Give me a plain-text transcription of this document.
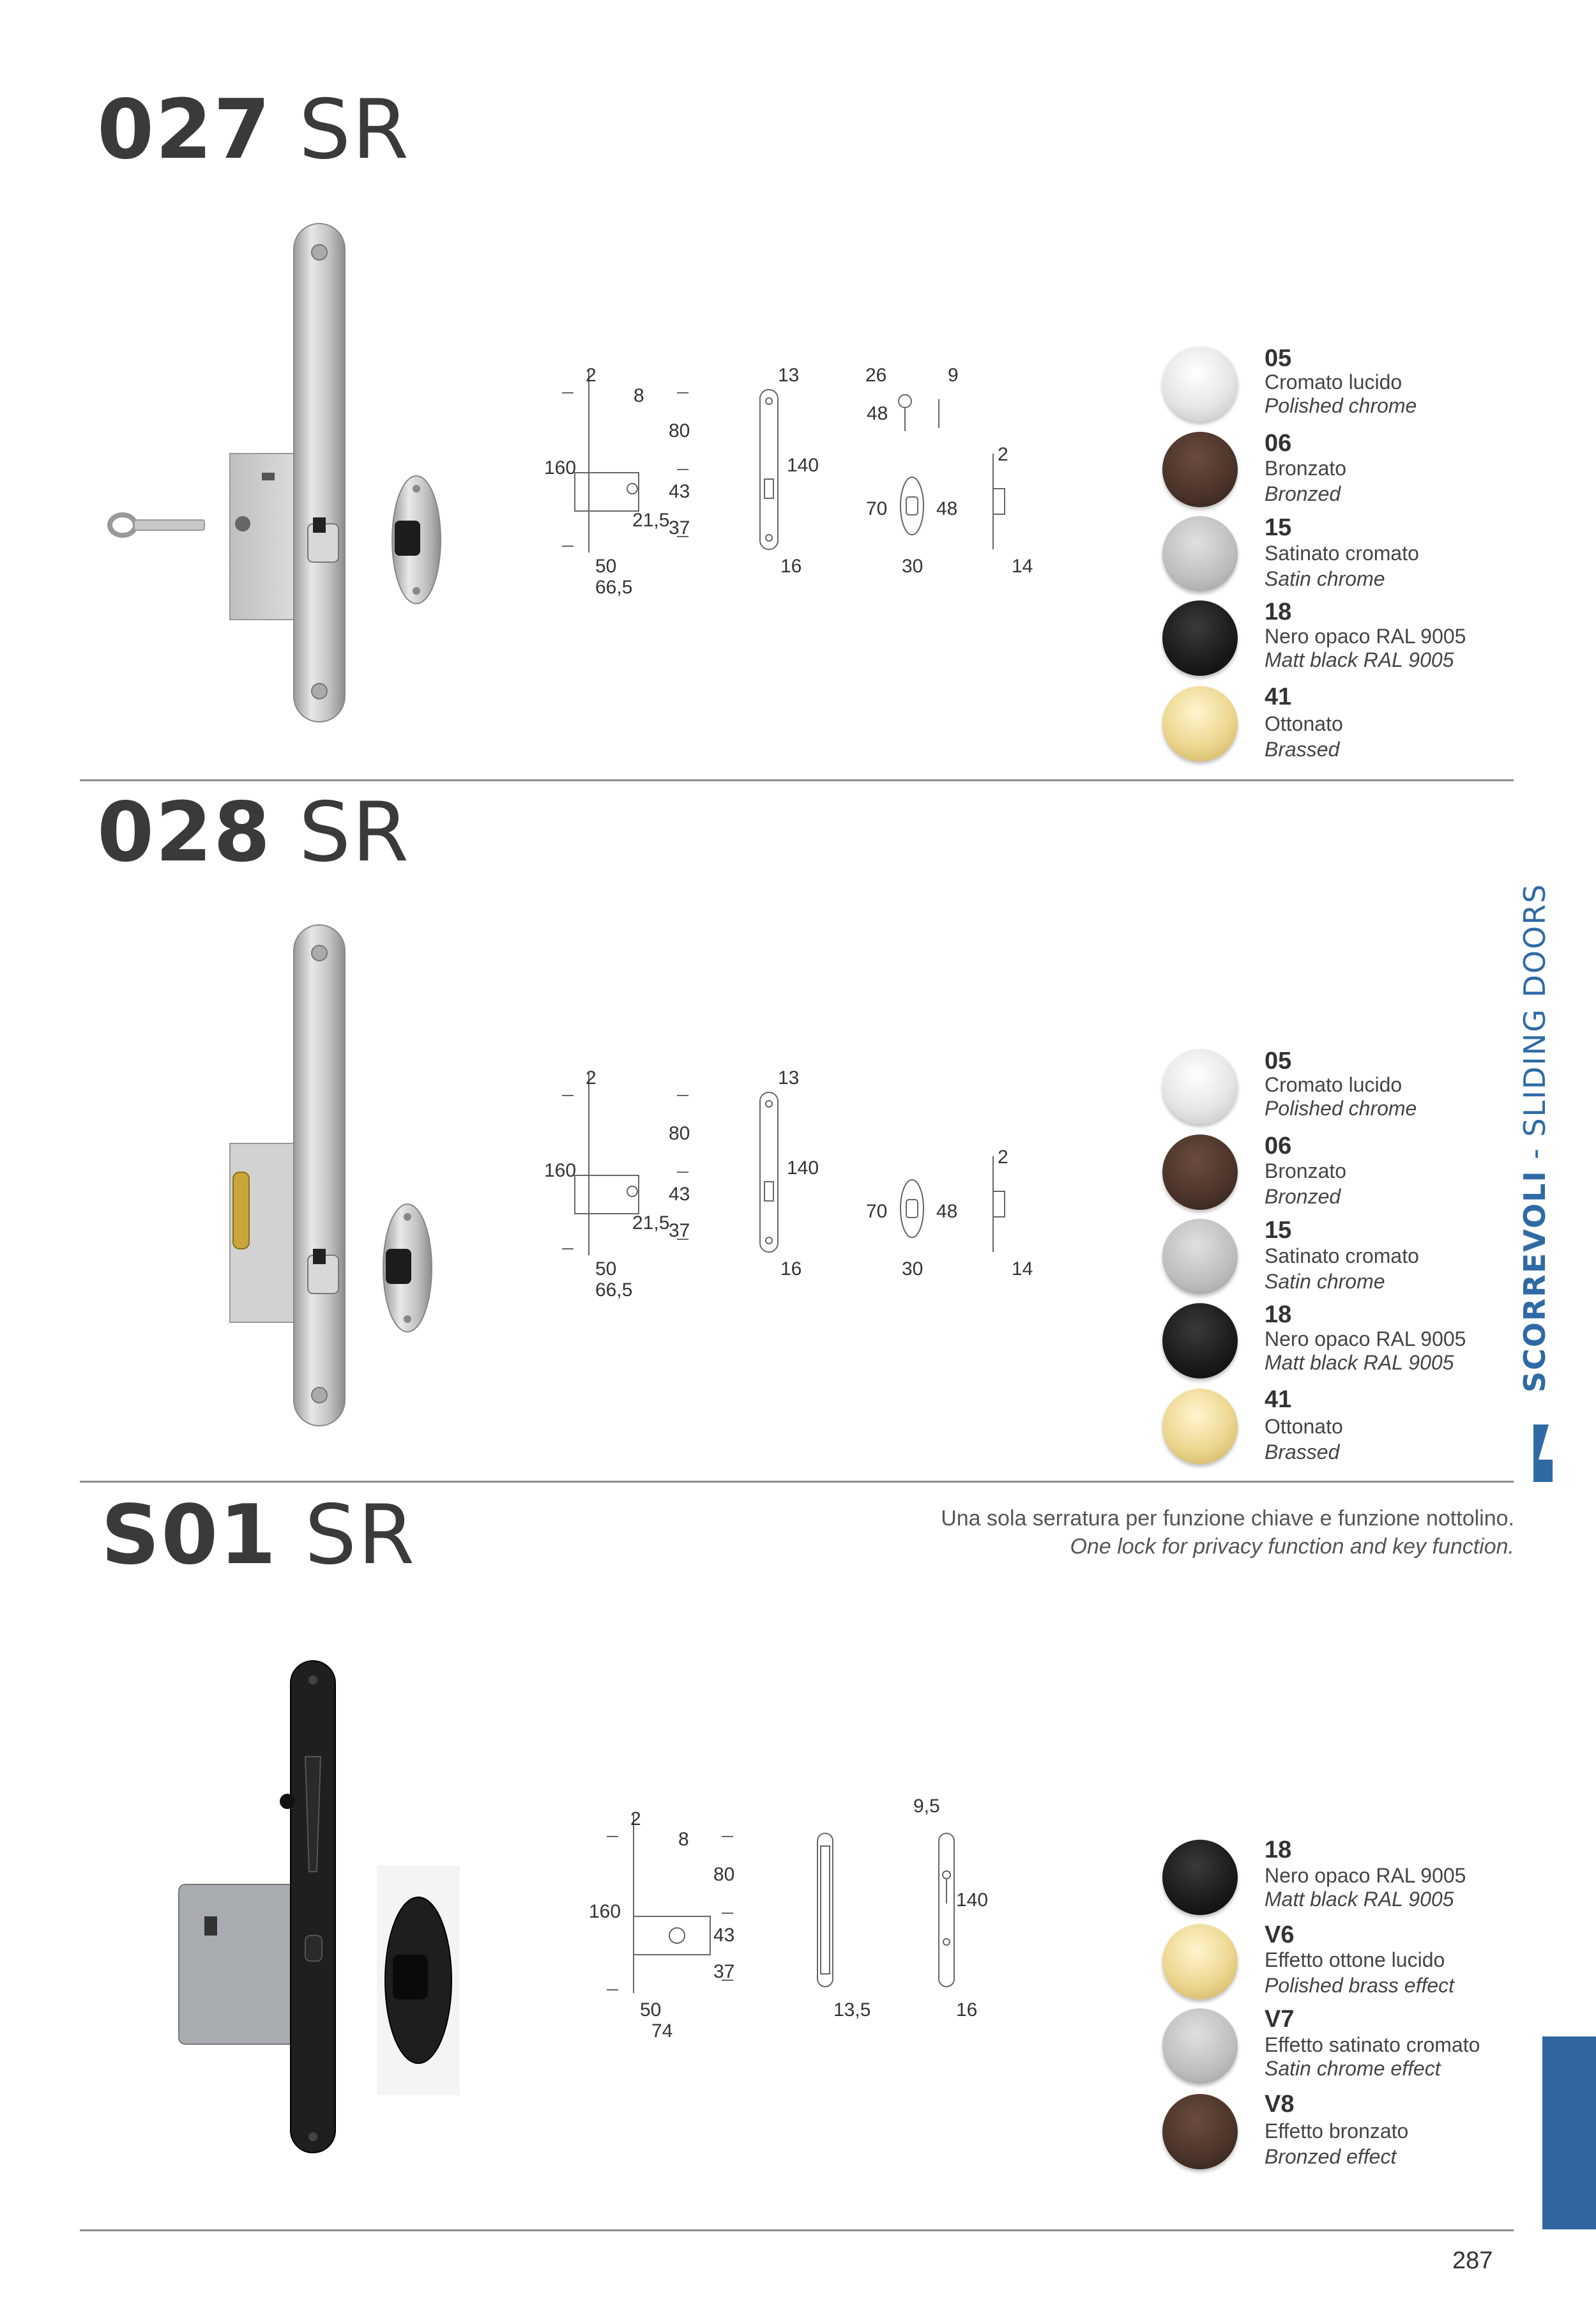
027 SR
2
8
80
160
43
21,5
37
50
66,5
13
140
16
26	9
48
70	48
30
2
14
05
Cromato lucido
Polished chrome
06
Bronzato
Bronzed
15
Satinato cromato
Satin chrome
18
Nero opaco RAL 9005
Matt black RAL 9005
41
Ottonato
Brassed
028 SR
2
80
160
43
21,5
37
50
66,5
13
140
16
70	48
30
2
14
05
Cromato lucido
Polished chrome
06
Bronzato
Bronzed
15
Satinato cromato
Satin chrome
18
Nero opaco RAL 9005
Matt black RAL 9005
41
Ottonato
Brassed
S01 SR	Una sola serratura per funzione chiave e funzione nottolino.
One lock for privacy function and key function.
2
8
80
160
43
37
50
74
13,5
9,5
140
16
18
Nero opaco RAL 9005
Matt black RAL 9005
V6
Effetto ottone lucido
Polished brass effect
V7
Effetto satinato cromato
Satin chrome effect
V8
Effetto bronzato
Bronzed effect
SCORREVOLI - SLIDING DOORS
287
